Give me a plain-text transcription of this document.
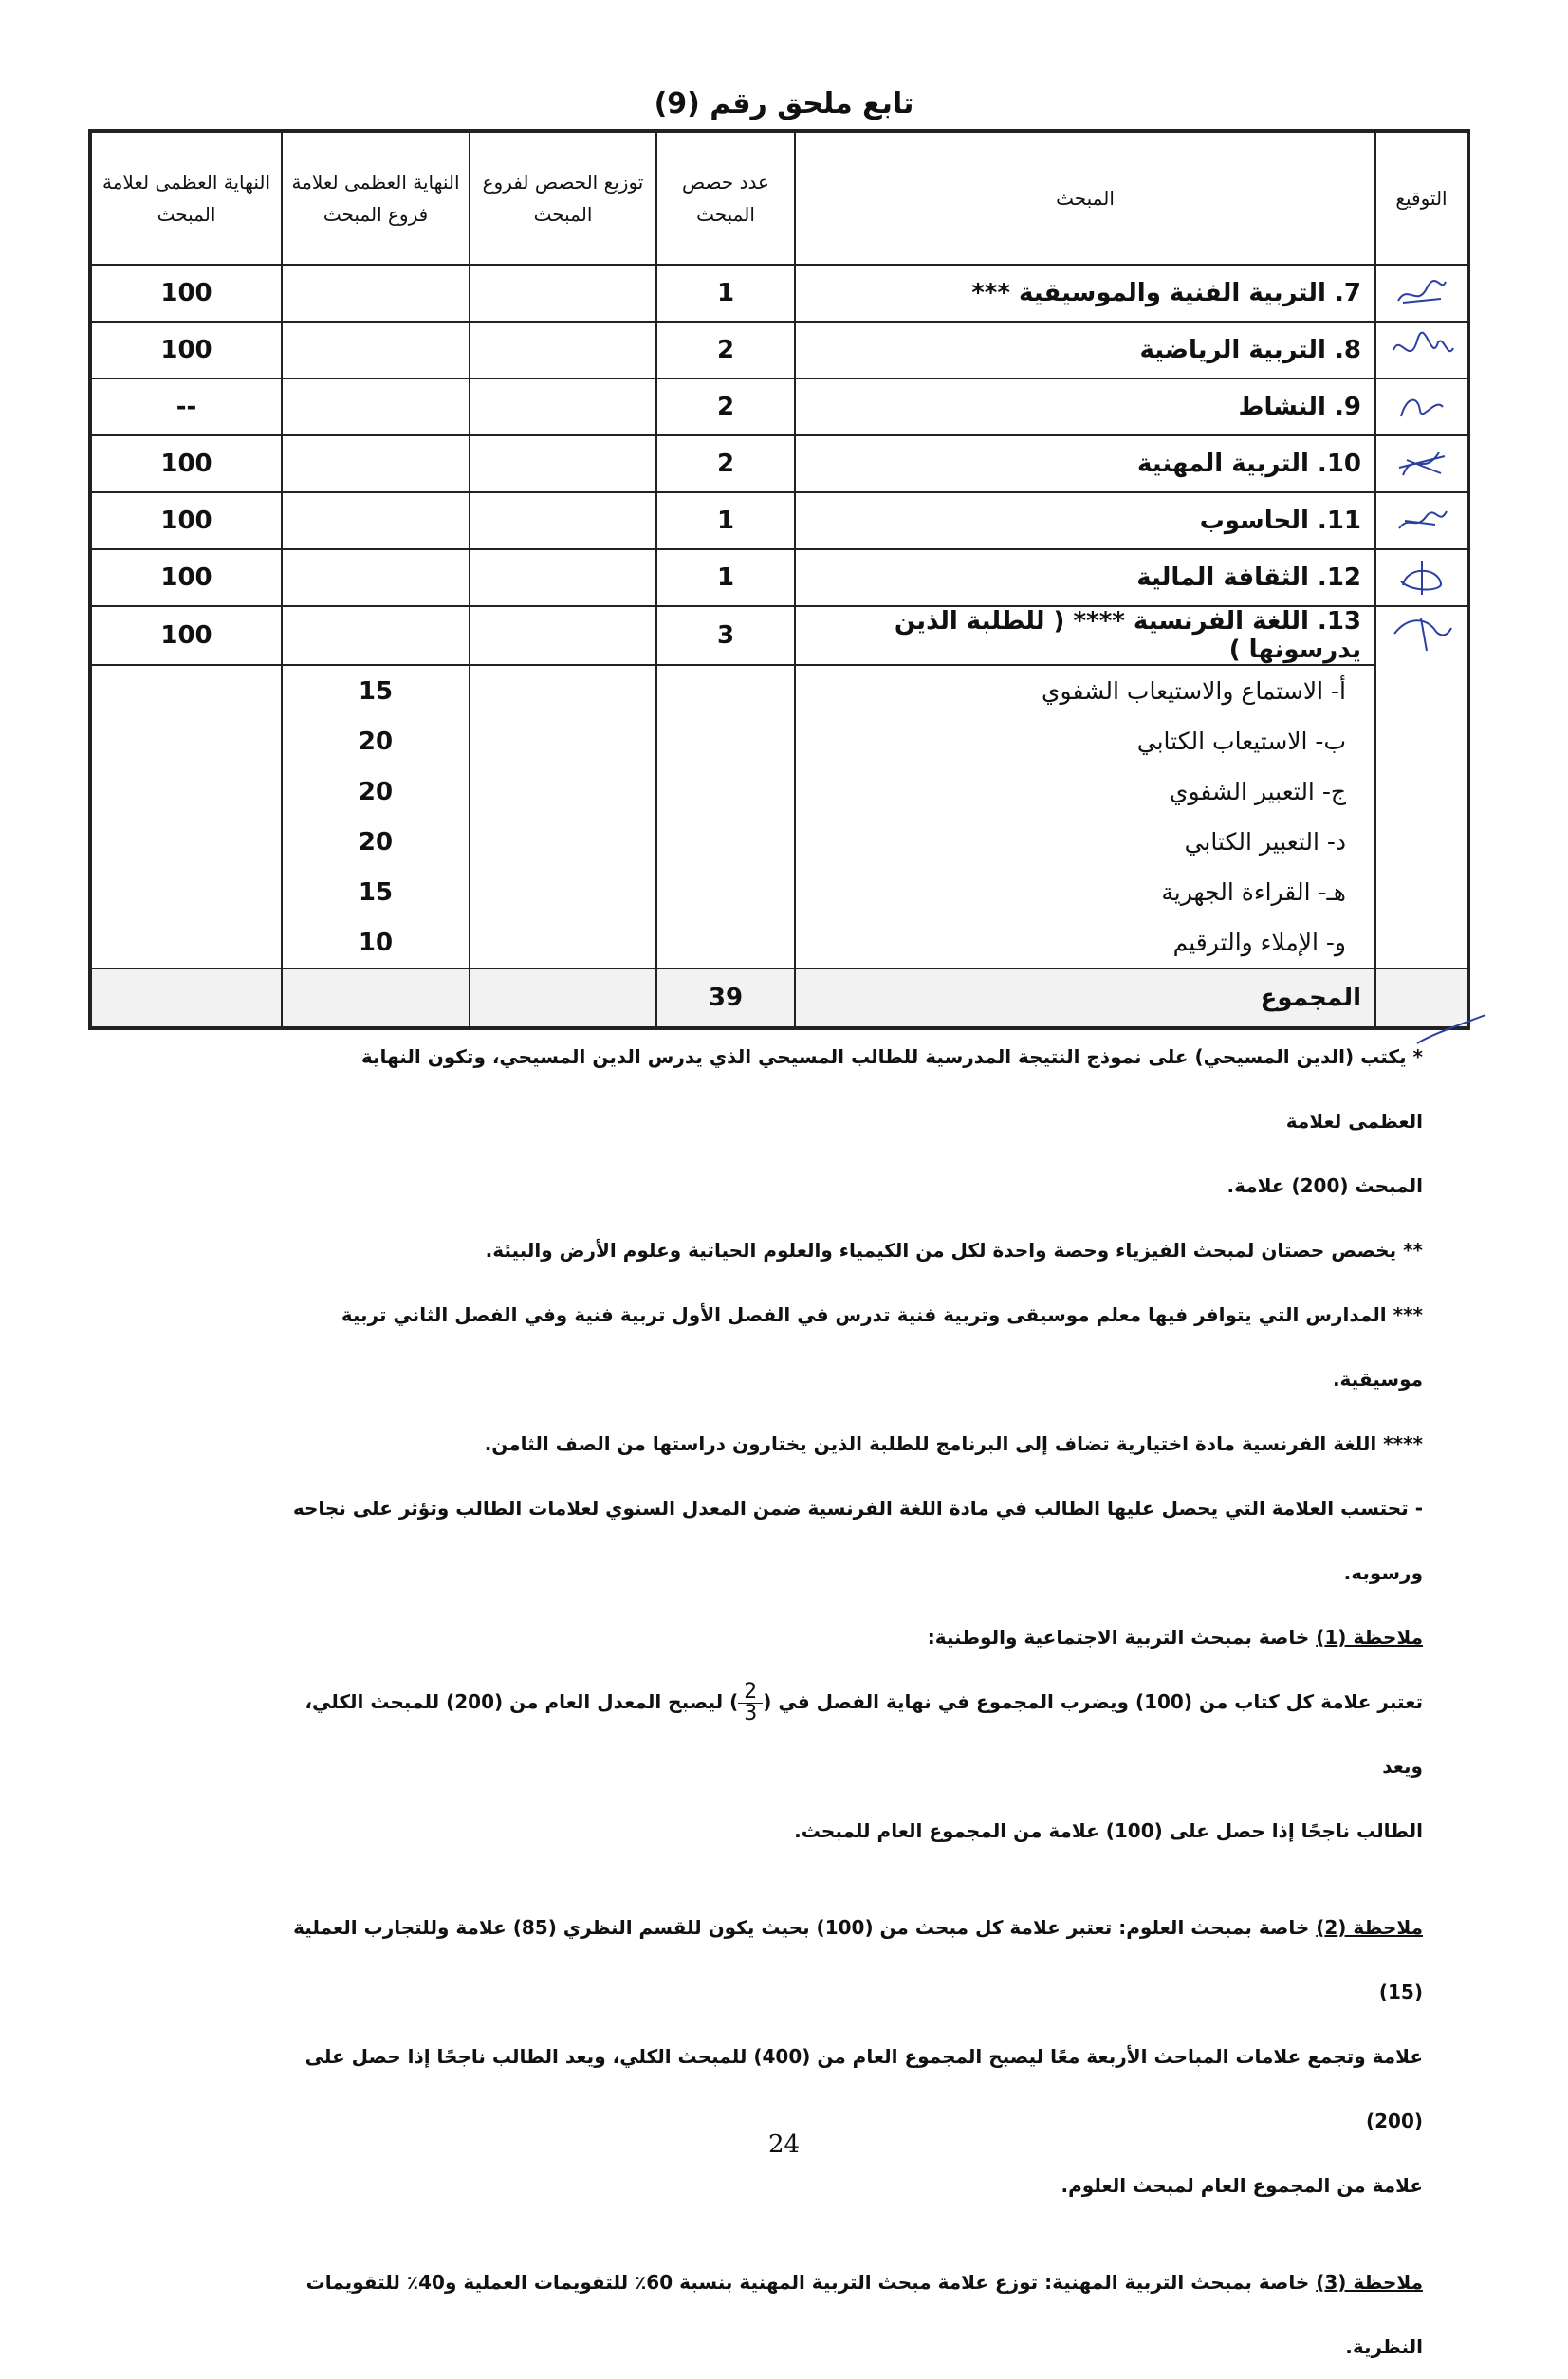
تابع ملحق رقم (9)
التوقيع	المبحث	عدد حصص المبحث	توزيع الحصص لفروع المبحث	النهاية العظمى لعلامة فروع المبحث	النهاية العظمى لعلامة المبحث

	7. التربية الفنية والموسيقية ***	1			100

	8. التربية الرياضية	2			100

	9. النشاط	2			--

	10. التربية المهنية	2			100

	11. الحاسوب	1			100

	12. الثقافة المالية	1			100

	13. اللغة الفرنسية **** ( للطلبة الذين يدرسونها )	3			100
	أ- الاستماع والاستيعاب الشفوي			15	
	ب- الاستيعاب الكتابي			20	
	ج- التعبير الشفوي			20	
	د- التعبير الكتابي			20	
	هـ- القراءة الجهرية			15	
	و- الإملاء والترقيم			10	
	المجموع	39			

* يكتب (الدين المسيحي) على نموذج النتيجة المدرسية للطالب المسيحي الذي يدرس الدين المسيحي، وتكون النهاية العظمى لعلامة

المبحث (200) علامة.

** يخصص حصتان لمبحث الفيزياء وحصة واحدة لكل من الكيمياء والعلوم الحياتية وعلوم الأرض والبيئة.

*** المدارس التي يتوافر فيها معلم موسيقى وتربية فنية تدرس في الفصل الأول تربية فنية وفي الفصل الثاني تربية موسيقية.

**** اللغة الفرنسية مادة اختيارية تضاف إلى البرنامج للطلبة الذين يختارون دراستها من الصف الثامن.

- تحتسب العلامة التي يحصل عليها الطالب في مادة اللغة الفرنسية ضمن المعدل السنوي لعلامات الطالب وتؤثر على نجاحه ورسوبه.

ملاحظة (1) خاصة بمبحث التربية الاجتماعية والوطنية:

تعتبر علامة كل كتاب من (100) ويضرب المجموع في نهاية الفصل في (
$\frac{2}{3}$
) ليصبح المعدل العام من (200) للمبحث الكلي، ويعد

الطالب ناجحًا إذا حصل على (100) علامة من المجموع العام للمبحث.

ملاحظة (2) خاصة بمبحث العلوم: تعتبر علامة كل مبحث من (100) بحيث يكون للقسم النظري (85) علامة وللتجارب العملية (15)

علامة وتجمع علامات المباحث الأربعة معًا ليصبح المجموع العام من (400) للمبحث الكلي، ويعد الطالب ناجحًا إذا حصل على (200)

علامة من المجموع العام لمبحث العلوم.

ملاحظة (3) خاصة بمبحث التربية المهنية: توزع علامة مبحث التربية المهنية بنسبة 60٪ للتقويمات العملية و40٪ للتقويمات النظرية.

24
